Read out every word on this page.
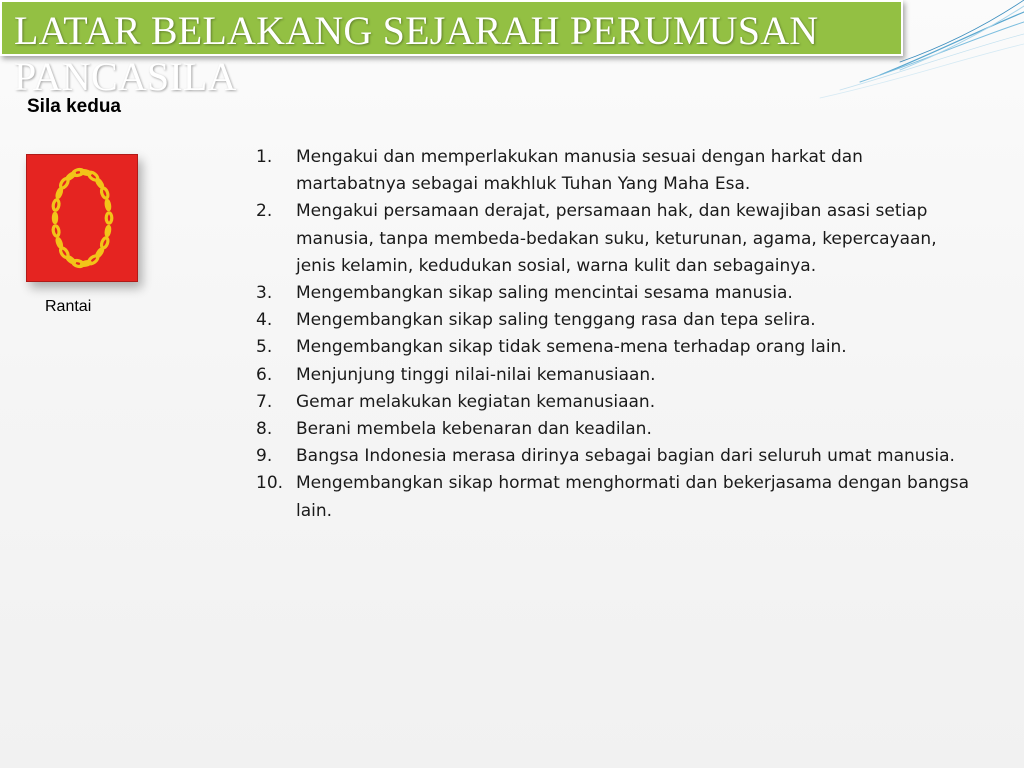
LATAR BELAKANG SEJARAH PERUMUSAN PANCASILA
Sila kedua
Rantai
1. Mengakui dan memperlakukan manusia sesuai dengan harkat dan martabatnya sebagai makhluk Tuhan Yang Maha Esa.
2. Mengakui persamaan derajat, persamaan hak, dan kewajiban asasi setiap manusia, tanpa membeda-bedakan suku, keturunan, agama, kepercayaan, jenis kelamin, kedudukan sosial, warna kulit dan sebagainya.
3. Mengembangkan sikap saling mencintai sesama manusia.
4. Mengembangkan sikap saling tenggang rasa dan tepa selira.
5. Mengembangkan sikap tidak semena-mena terhadap orang lain.
6. Menjunjung tinggi nilai-nilai kemanusiaan.
7. Gemar melakukan kegiatan kemanusiaan.
8. Berani membela kebenaran dan keadilan.
9. Bangsa Indonesia merasa dirinya sebagai bagian dari seluruh umat manusia.
10. Mengembangkan sikap hormat menghormati dan bekerjasama dengan bangsa lain.
